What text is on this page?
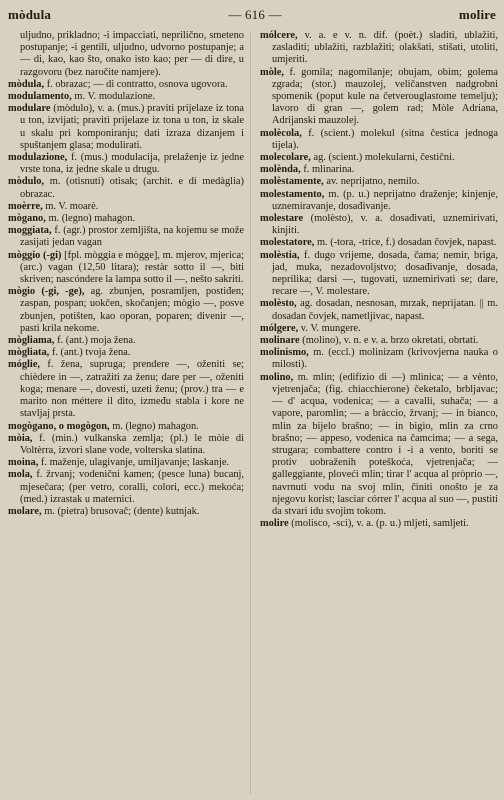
mòdula	— 616 —	molire
uljudno, prikladno; -i impacciati, neprilično, smeteno postupanje; -i gentili, uljudno, udvorno postupanje; a — di, kao, kao što, onako isto kao; per — di dire, u razgovoru (bez naročite namjere).
mòdula, f. obrazac; — di contratto, osnova ugovora.
modulamento, m. V. modulazione.
modulare (mòdulo), v. a. (mus.) praviti prijelaze iz tona u ton, izvijati; praviti prijelaze iz tona u ton, iz skale u skalu pri komponiranju; dati izraza dizanjem i spuštanjem glasa; modulirati.
modulazione, f. (mus.) modulacija, prelaženje iz jedne vrste tona, iz jedne skale u drugu.
mòdulo, m. (otisnuti) otisak; (archit. e di medàglia) obrazac.
moèrre, m. V. moarè.
mògano, m. (legno) mahagon.
moggiata, f. (agr.) prostor zemljišta, na kojemu se može zasijati jedan vagan
mòggio (-gi) [fpl. mòggia e mògge], m. mjerov, mjerica; (arc.) vagan (12,50 litara); restàr sotto il —, biti skriven; nascóndere la lampa sotto il —, nešto sakriti.
mògio (-gi, -ge), ag. zbunjen, posramljen, postiđen; zaspan, pospan; uokčen, skočanjen; mògio —, posve zbunjen, potišten, kao oporan, poparen; divenir —, pasti krila nekome.
mògliama, f. (ant.) moja žena.
mògliata, f. (ant.) tvoja žena.
móglie, f. žena, supruga; prendere —, oženiti se; chièdere in —, zatražiti za ženu; dare per —, oženiti koga; menare —, dovesti, uzeti ženu; (prov.) tra — e marito non méttere il dito, između stabla i kore ne stavljaj prsta.
mogògano, o mogògon, m. (legno) mahagon.
mòia, f. (min.) vulkanska zemlja; (pl.) le mòie di Voltèrra, izvori slane vode, volterska slatina.
moina, f. maženje, ulagivanje, umiljavanje; laskanje.
mola, f. žrvanj; vodenični kamen; (pesce luna) bucanj, mjesečara; (per vetro, coralli, colori, ecc.) mekoća; (med.) izrastak u maternici.
molare, m. (pietra) brusovač; (dente) kutnjak.
mólcere, v. a. e v. n. dif. (poèt.) sladiti, ublažiti, zasladiti; ublažiti, razblažiti; olakšati, stišati, utoliti, umjeriti.
mòle, f. gomila; nagomilanje; obujam, obim; golema zgrada; (stor.) mauzolej, veličanstven nadgrobni spomenik (poput kule na četverouglastome temelju); lavoro di gran —, golem rad; Mòle Adriana, Adrijanski mauzolej.
molècola, f. (scient.) molekul (sitna čestica jednoga tijela).
molecolare, ag. (scient.) molekularni, čestični.
molènda, f. mlinarina.
molèstamente, av. neprijatno, nemilo.
molestamento, m. (p. u.) neprijatno draženje; kinjenje, uznemiravanje, dosađivanje.
molestare (molèsto), v. a. dosađivati, uznemirivati, kinjiti.
molestatore, m. (-tora, -trice, f.) dosadan čovjek, napast.
molèstia, f. dugo vrijeme, dosada, čama; nemir, briga, jad, muka, nezadovoljstvo; dosađivanje, dosada, neprilika; darsi —, tugovati, uznemirivati se; dare, recare —, V. molestare.
molèsto, ag. dosadan, nesnosan, mrzak, neprijatan. || m. dosadan čovjek, nametljivac, napast.
mólgere, v. V. mungere.
molinare (molino), v. n. e v. a. brzo okretati, obrtati.
molinismo, m. (eccl.) molinizam (krivovjerna nauka o milosti).
molino, m. mlin; (edifizio di —) mlinica; — a vènto, vjetrenjača; (fig. chiacchierone) čeketalo, brbljavac; — d' acqua, vodenica; — a cavalli, suhača; — a vapore, paromlin; — a bràccio, žrvanj; — in bianco, mlin za bijelo brašno; — in bigio, mlin za crno brašno; — appeso, vodenica na čamcima; — a sega, strugara; combattere contro i -i a vento, boriti se protiv uobraženih poteškoća, vjetrenjača; — galleggiante, ploveći mlin; tirar l' acqua al pròprio —, navrnuti vodu na svoj mlin, činiti onošto je za njegovu korist; lasciar córrer l' acqua al suo —, pustiti da stvari idu svojim tokom.
molire (molisco, -sci), v. a. (p. u.) mljeti, samljeti.
